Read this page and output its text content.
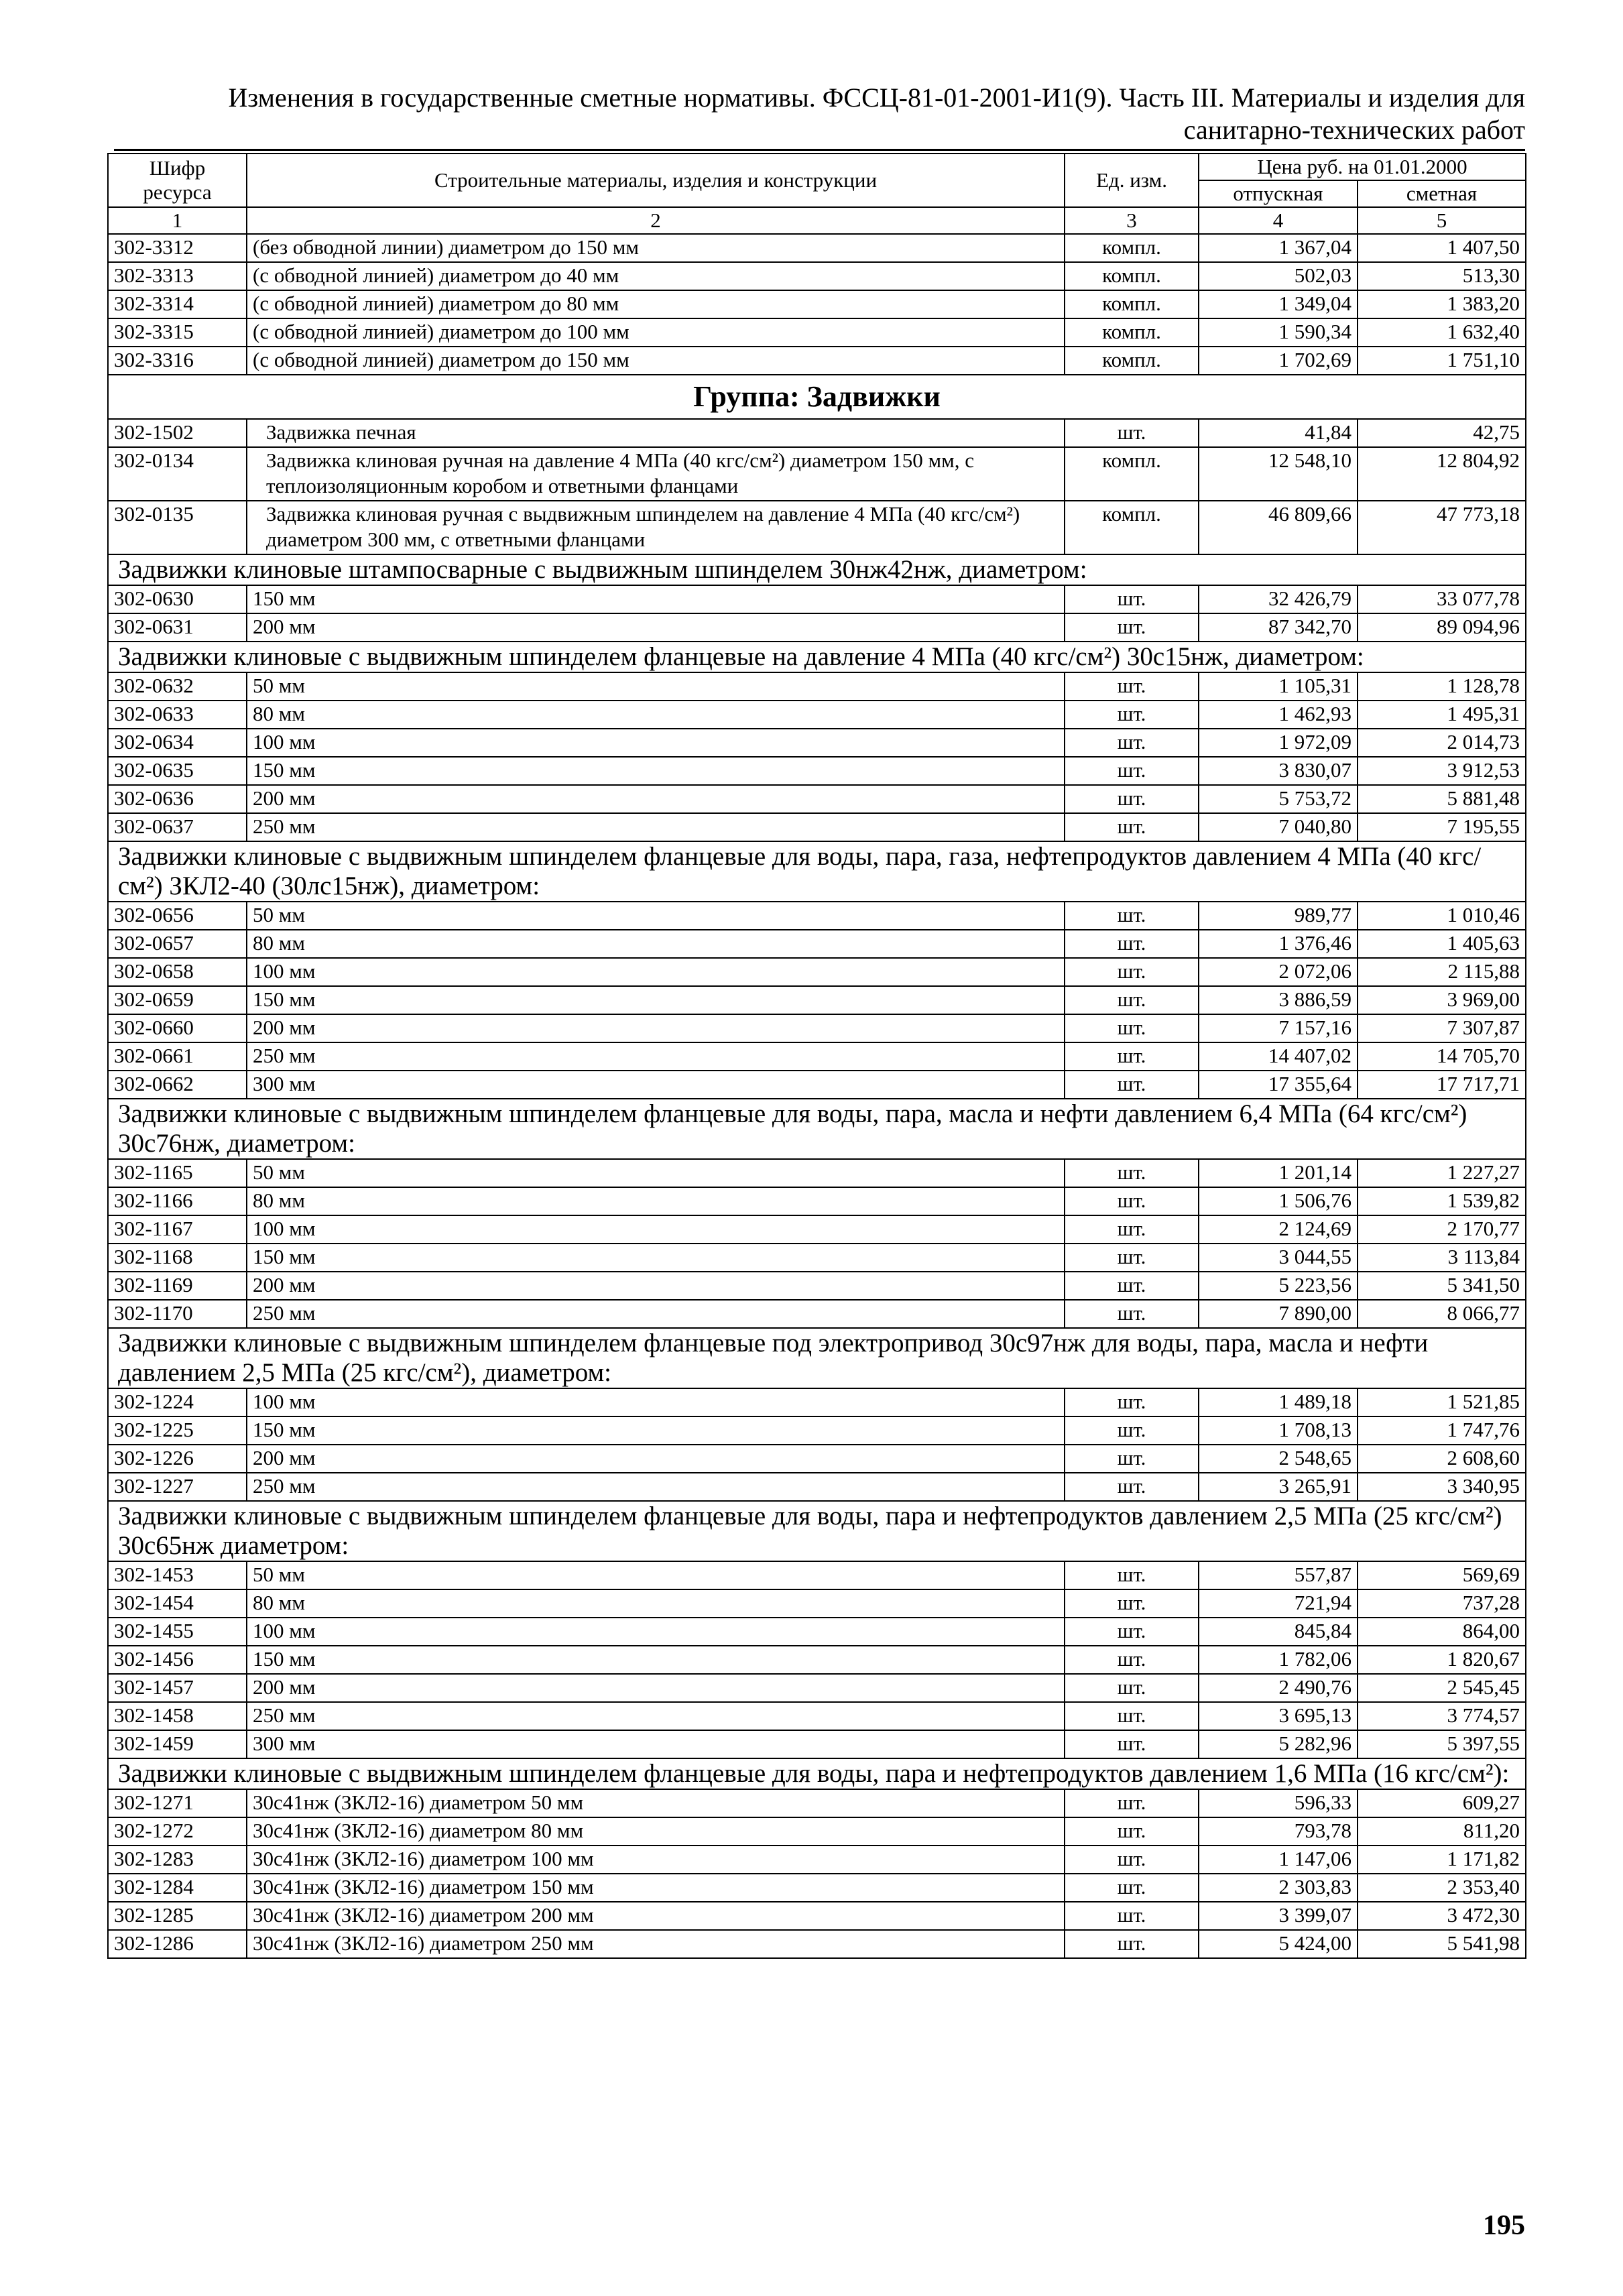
Изменения в государственные сметные нормативы. ФССЦ-81-01-2001-И1(9). Часть III. Материалы и изделия для
санитарно-технических работ
Шифр ресурса	Строительные материалы, изделия и конструкции	Ед. изм.	Цена руб. на 01.01.2000	
			отпускная	сметная
1	2	3	4	5
302-3312	(без обводной линии) диаметром до 150 мм	компл.	1 367,04	1 407,50
302-3313	(с обводной линией) диаметром до 40 мм	компл.	502,03	513,30
302-3314	(с обводной линией) диаметром до 80 мм	компл.	1 349,04	1 383,20
302-3315	(с обводной линией) диаметром до 100 мм	компл.	1 590,34	1 632,40
302-3316	(с обводной линией) диаметром до 150 мм	компл.	1 702,69	1 751,10
Группа: Задвижки				
302-1502	Задвижка печная	шт.	41,84	42,75
302-0134	Задвижка клиновая ручная на давление 4 МПа (40 кгс/см²) диаметром 150 мм, с теплоизоляционным коробом и ответными фланцами	компл.	12 548,10	12 804,92
302-0135	Задвижка клиновая ручная с выдвижным шпинделем на давление 4 МПа (40 кгс/см²) диаметром 300 мм, с ответными фланцами	компл.	46 809,66	47 773,18
Задвижки клиновые штампосварные с выдвижным шпинделем 30нж42нж, диаметром:				
302-0630	150 мм	шт.	32 426,79	33 077,78
302-0631	200 мм	шт.	87 342,70	89 094,96
Задвижки клиновые с выдвижным шпинделем фланцевые на давление 4 МПа (40 кгс/см²) 30с15нж, диаметром:				
302-0632	50 мм	шт.	1 105,31	1 128,78
302-0633	80 мм	шт.	1 462,93	1 495,31
302-0634	100 мм	шт.	1 972,09	2 014,73
302-0635	150 мм	шт.	3 830,07	3 912,53
302-0636	200 мм	шт.	5 753,72	5 881,48
302-0637	250 мм	шт.	7 040,80	7 195,55
Задвижки клиновые с выдвижным шпинделем фланцевые для воды, пара, газа, нефтепродуктов давлением 4 МПа (40 кгс/см²) ЗКЛ2-40 (30лс15нж), диаметром:				
302-0656	50 мм	шт.	989,77	1 010,46
302-0657	80 мм	шт.	1 376,46	1 405,63
302-0658	100 мм	шт.	2 072,06	2 115,88
302-0659	150 мм	шт.	3 886,59	3 969,00
302-0660	200 мм	шт.	7 157,16	7 307,87
302-0661	250 мм	шт.	14 407,02	14 705,70
302-0662	300 мм	шт.	17 355,64	17 717,71
Задвижки клиновые с выдвижным шпинделем фланцевые для воды, пара, масла и нефти давлением 6,4 МПа (64 кгс/см²) 30с76нж, диаметром:				
302-1165	50 мм	шт.	1 201,14	1 227,27
302-1166	80 мм	шт.	1 506,76	1 539,82
302-1167	100 мм	шт.	2 124,69	2 170,77
302-1168	150 мм	шт.	3 044,55	3 113,84
302-1169	200 мм	шт.	5 223,56	5 341,50
302-1170	250 мм	шт.	7 890,00	8 066,77
Задвижки клиновые с выдвижным шпинделем фланцевые под электропривод 30с97нж для воды, пара, масла и нефти давлением 2,5 МПа (25 кгс/см²), диаметром:				
302-1224	100 мм	шт.	1 489,18	1 521,85
302-1225	150 мм	шт.	1 708,13	1 747,76
302-1226	200 мм	шт.	2 548,65	2 608,60
302-1227	250 мм	шт.	3 265,91	3 340,95
Задвижки клиновые с выдвижным шпинделем фланцевые для воды, пара и нефтепродуктов давлением 2,5 МПа (25 кгс/см²) 30с65нж диаметром:				
302-1453	50 мм	шт.	557,87	569,69
302-1454	80 мм	шт.	721,94	737,28
302-1455	100 мм	шт.	845,84	864,00
302-1456	150 мм	шт.	1 782,06	1 820,67
302-1457	200 мм	шт.	2 490,76	2 545,45
302-1458	250 мм	шт.	3 695,13	3 774,57
302-1459	300 мм	шт.	5 282,96	5 397,55
Задвижки клиновые с выдвижным шпинделем фланцевые для воды, пара и нефтепродуктов давлением 1,6 МПа (16 кгс/см²):				
302-1271	30с41нж (ЗКЛ2-16) диаметром 50 мм	шт.	596,33	609,27
302-1272	30с41нж (ЗКЛ2-16) диаметром 80 мм	шт.	793,78	811,20
302-1283	30с41нж (ЗКЛ2-16) диаметром 100 мм	шт.	1 147,06	1 171,82
302-1284	30с41нж (ЗКЛ2-16) диаметром 150 мм	шт.	2 303,83	2 353,40
302-1285	30с41нж (ЗКЛ2-16) диаметром 200 мм	шт.	3 399,07	3 472,30
302-1286	30с41нж (ЗКЛ2-16) диаметром 250 мм	шт.	5 424,00	5 541,98
195
